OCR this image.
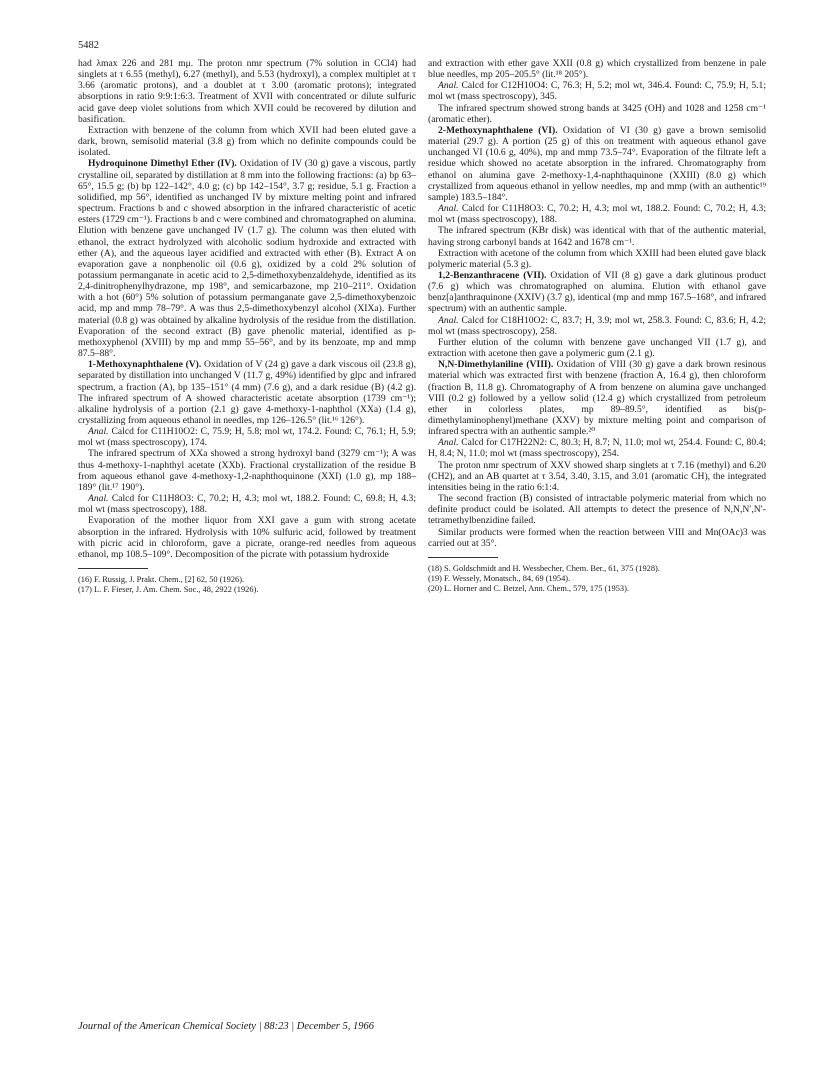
5482

had λmax 226 and 281 mμ. The proton nmr spectrum (7% solution in CCl4) had singlets at τ 6.55 (methyl), 6.27 (methyl), and 5.53 (hydroxyl), a complex multiplet at τ 3.66 (aromatic protons), and a doublet at τ 3.00 (aromatic protons); integrated absorptions in ratio 9:9:1:6:3. Treatment of XVII with concentrated or dilute sulfuric acid gave deep violet solutions from which XVII could be recovered by dilution and basification.

Extraction with benzene of the column from which XVII had been eluted gave a dark, brown, semisolid material (3.8 g) from which no definite compounds could be isolated.

Hydroquinone Dimethyl Ether (IV). Oxidation of IV (30 g) gave a viscous, partly crystalline oil, separated by distillation at 8 mm into the following fractions: (a) bp 63–65°, 15.5 g; (b) bp 122–142°, 4.0 g; (c) bp 142–154°, 3.7 g; residue, 5.1 g. Fraction a solidified, mp 56°, identified as unchanged IV by mixture melting point and infrared spectrum. Fractions b and c showed absorption in the infrared characteristic of acetic esters (1729 cm⁻¹). Fractions b and c were combined and chromatographed on alumina. Elution with benzene gave unchanged IV (1.7 g). The column was then eluted with ethanol, the extract hydrolyzed with alcoholic sodium hydroxide and extracted with ether (A), and the aqueous layer acidified and extracted with ether (B). Extract A on evaporation gave a nonphenolic oil (0.6 g), oxidized by a cold 2% solution of potassium permanganate in acetic acid to 2,5-dimethoxybenzaldehyde, identified as its 2,4-dinitrophenylhydrazone, mp 198°, and semicarbazone, mp 210–211°. Oxidation with a hot (60°) 5% solution of potassium permanganate gave 2,5-dimethoxybenzoic acid, mp and mmp 78–79°. A was thus 2,5-dimethoxybenzyl alcohol (XIXa). Further material (0.8 g) was obtained by alkaline hydrolysis of the residue from the distillation. Evaporation of the second extract (B) gave phenolic material, identified as p-methoxyphenol (XVIII) by mp and mmp 55–56°, and by its benzoate, mp and mmp 87.5–88°.

1-Methoxynaphthalene (V). Oxidation of V (24 g) gave a dark viscous oil (23.8 g), separated by distillation into unchanged V (11.7 g, 49%) identified by glpc and infrared spectrum, a fraction (A), bp 135–151° (4 mm) (7.6 g), and a dark residue (B) (4.2 g). The infrared spectrum of A showed characteristic acetate absorption (1739 cm⁻¹); alkaline hydrolysis of a portion (2.1 g) gave 4-methoxy-1-naphthol (XXa) (1.4 g), crystallizing from aqueous ethanol in needles, mp 126–126.5° (lit.¹⁶ 126°).

Anal. Calcd for C11H10O2: C, 75.9; H, 5.8; mol wt, 174.2. Found: C, 76.1; H, 5.9; mol wt (mass spectroscopy), 174.

The infrared spectrum of XXa showed a strong hydroxyl band (3279 cm⁻¹); A was thus 4-methoxy-1-naphthyl acetate (XXb). Fractional crystallization of the residue B from aqueous ethanol gave 4-methoxy-1,2-naphthoquinone (XXI) (1.0 g), mp 188–189° (lit.¹⁷ 190°).

Anal. Calcd for C11H8O3: C, 70.2; H, 4.3; mol wt, 188.2. Found: C, 69.8; H, 4.3; mol wt (mass spectroscopy), 188.

Evaporation of the mother liquor from XXI gave a gum with strong acetate absorption in the infrared. Hydrolysis with 10% sulfuric acid, followed by treatment with picric acid in chloroform, gave a picrate, orange-red needles from aqueous ethanol, mp 108.5–109°. Decomposition of the picrate with potassium hydroxide

(16) F. Russig, J. Prakt. Chem., [2] 62, 50 (1926).
(17) L. F. Fieser, J. Am. Chem. Soc., 48, 2922 (1926).

and extraction with ether gave XXII (0.8 g) which crystallized from benzene in pale blue needles, mp 205–205.5° (lit.¹⁸ 205°).

Anal. Calcd for C12H10O4: C, 76.3; H, 5.2; mol wt, 346.4. Found: C, 75.9; H, 5.1; mol wt (mass spectroscopy), 345.

The infrared spectrum showed strong bands at 3425 (OH) and 1028 and 1258 cm⁻¹ (aromatic ether).

2-Methoxynaphthalene (VI). Oxidation of VI (30 g) gave a brown semisolid material (29.7 g). A portion (25 g) of this on treatment with aqueous ethanol gave unchanged VI (10.6 g, 40%), mp and mmp 73.5–74°. Evaporation of the filtrate left a residue which showed no acetate absorption in the infrared. Chromatography from ethanol on alumina gave 2-methoxy-1,4-naphthaquinone (XXIII) (8.0 g) which crystallized from aqueous ethanol in yellow needles, mp and mmp (with an authentic¹⁹ sample) 183.5–184°.

Anal. Calcd for C11H8O3: C, 70.2; H, 4.3; mol wt, 188.2. Found: C, 70.2; H, 4.3; mol wt (mass spectroscopy), 188.

The infrared spectrum (KBr disk) was identical with that of the authentic material, having strong carbonyl bands at 1642 and 1678 cm⁻¹.

Extraction with acetone of the column from which XXIII had been eluted gave black polymeric material (5.3 g).

1,2-Benzanthracene (VII). Oxidation of VII (8 g) gave a dark glutinous product (7.6 g) which was chromatographed on alumina. Elution with ethanol gave benz[a]anthraquinone (XXIV) (3.7 g), identical (mp and mmp 167.5–168°, and infrared spectrum) with an authentic sample.

Anal. Calcd for C18H10O2: C, 83.7; H, 3.9; mol wt, 258.3. Found: C, 83.6; H, 4.2; mol wt (mass spectroscopy), 258.

Further elution of the column with benzene gave unchanged VII (1.7 g), and extraction with acetone then gave a polymeric gum (2.1 g).

N,N-Dimethylaniline (VIII). Oxidation of VIII (30 g) gave a dark brown resinous material which was extracted first with benzene (fraction A, 16.4 g), then chloroform (fraction B, 11.8 g). Chromatography of A from benzene on alumina gave unchanged VIII (0.2 g) followed by a yellow solid (12.4 g) which crystallized from petroleum ether in colorless plates, mp 89–89.5°, identified as bis(p-dimethylaminophenyl)methane (XXV) by mixture melting point and comparison of infrared spectra with an authentic sample.²⁰

Anal. Calcd for C17H22N2: C, 80.3; H, 8.7; N, 11.0; mol wt, 254.4. Found: C, 80.4; H, 8.4; N, 11.0; mol wt (mass spectroscopy), 254.

The proton nmr spectrum of XXV showed sharp singlets at τ 7.16 (methyl) and 6.20 (CH2), and an AB quartet at τ 3.54, 3.40, 3.15, and 3.01 (aromatic CH), the integrated intensities being in the ratio 6:1:4.

The second fraction (B) consisted of intractable polymeric material from which no definite product could be isolated. All attempts to detect the presence of N,N,N′,N′-tetramethylbenzidine failed.

Similar products were formed when the reaction between VIII and Mn(OAc)3 was carried out at 35°.

(18) S. Goldschmidt and H. Wessbecher, Chem. Ber., 61, 375 (1928).
(19) F. Wessely, Monatsch., 84, 69 (1954).
(20) L. Horner and C. Betzel, Ann. Chem., 579, 175 (1953).
Journal of the American Chemical Society | 88:23 | December 5, 1966
